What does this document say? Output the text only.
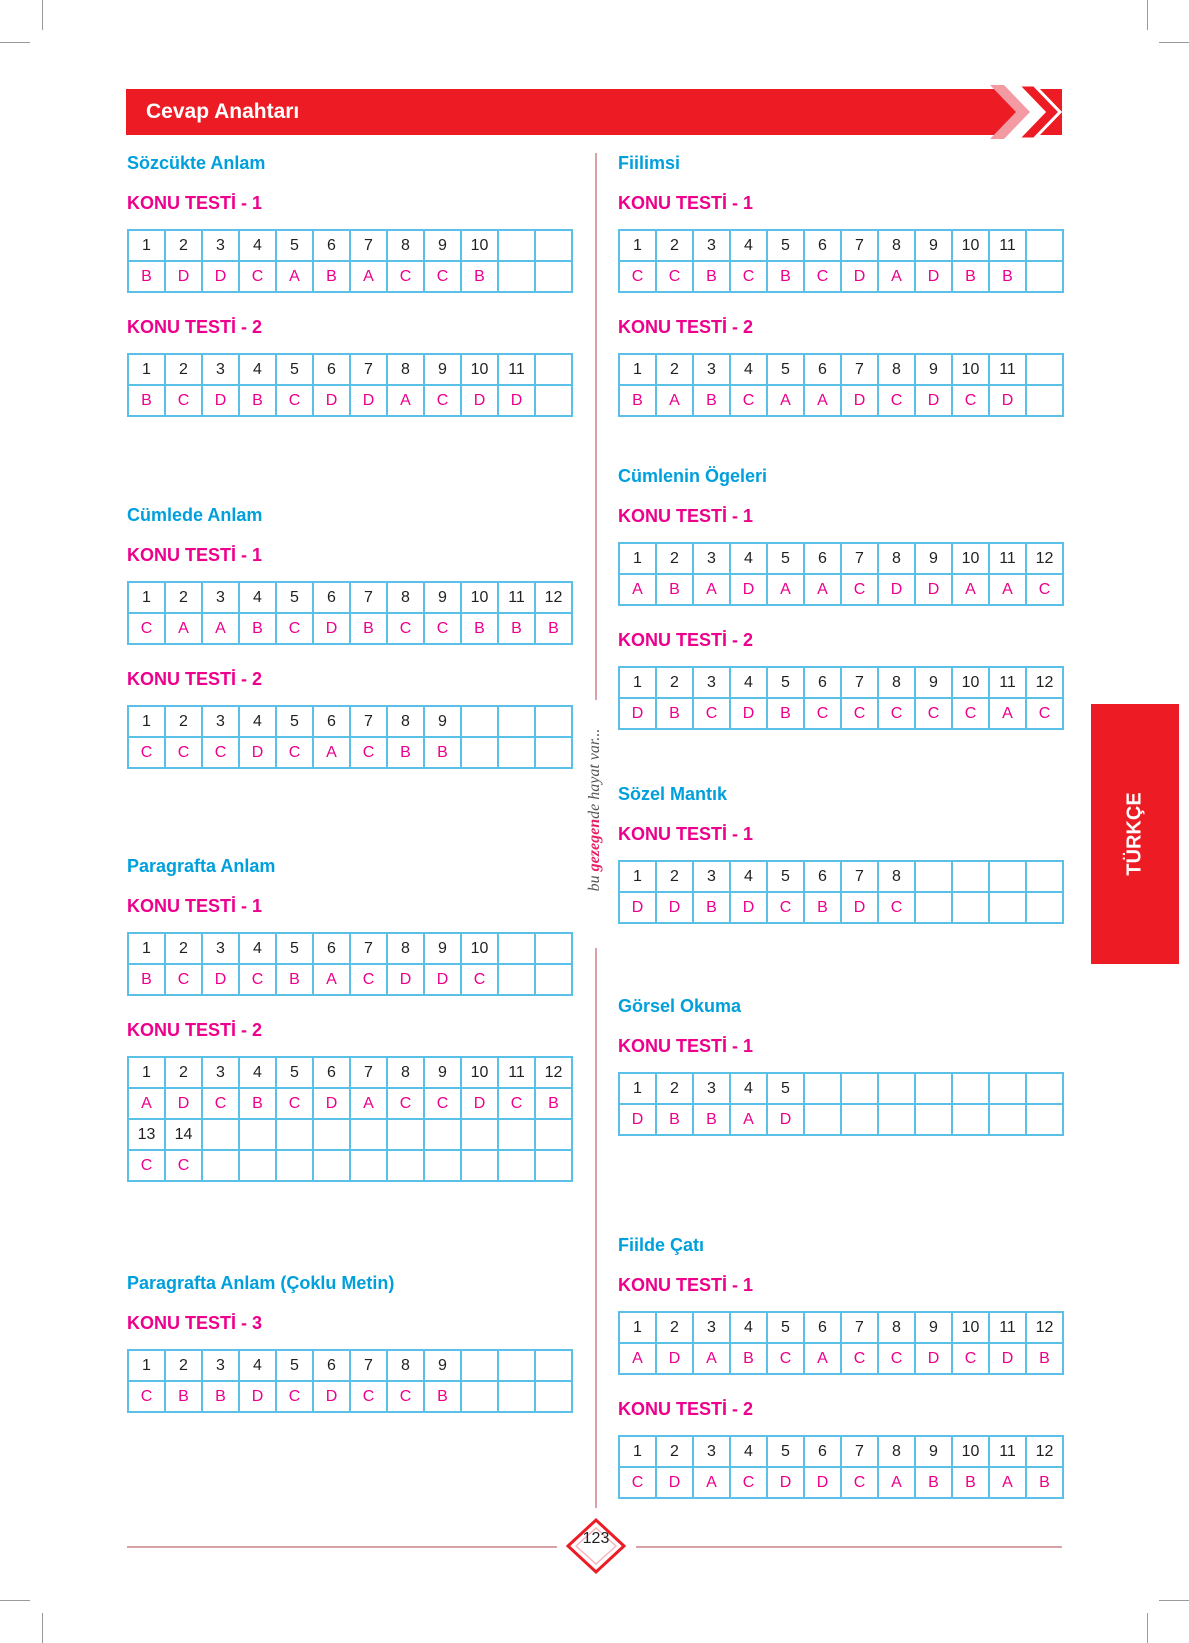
Cevap Anahtarı
bu gezegende hayat var...
Sözcükte Anlam
KONU TESTİ - 1
1	2	3	4	5	6	7	8	9	10
B	D	D	C	A	B	A	C	C	B
KONU TESTİ - 2
1	2	3	4	5	6	7	8	9	10	11
B	C	D	B	C	D	D	A	C	D	D
Cümlede Anlam
KONU TESTİ - 1
1	2	3	4	5	6	7	8	9	10	11	12
C	A	A	B	C	D	B	C	C	B	B	B
KONU TESTİ - 2
1	2	3	4	5	6	7	8	9
C	C	C	D	C	A	C	B	B
Paragrafta Anlam
KONU TESTİ - 1
1	2	3	4	5	6	7	8	9	10
B	C	D	C	B	A	C	D	D	C
KONU TESTİ - 2
1	2	3	4	5	6	7	8	9	10	11	12
A	D	C	B	C	D	A	C	C	D	C	B
13	14
C	C
Paragrafta Anlam (Çoklu Metin)
KONU TESTİ - 3
1	2	3	4	5	6	7	8	9
C	B	B	D	C	D	C	C	B
Fiilimsi
KONU TESTİ - 1
1	2	3	4	5	6	7	8	9	10	11
C	C	B	C	B	C	D	A	D	B	B
KONU TESTİ - 2
1	2	3	4	5	6	7	8	9	10	11
B	A	B	C	A	A	D	C	D	C	D
Cümlenin Ögeleri
KONU TESTİ - 1
1	2	3	4	5	6	7	8	9	10	11	12
A	B	A	D	A	A	C	D	D	A	A	C
KONU TESTİ - 2
1	2	3	4	5	6	7	8	9	10	11	12
D	B	C	D	B	C	C	C	C	C	A	C
Sözel Mantık
KONU TESTİ - 1
1	2	3	4	5	6	7	8
D	D	B	D	C	B	D	C
Görsel Okuma
KONU TESTİ - 1
1	2	3	4	5
D	B	B	A	D
Fiilde Çatı
KONU TESTİ - 1
1	2	3	4	5	6	7	8	9	10	11	12
A	D	A	B	C	A	C	C	D	C	D	B
KONU TESTİ - 2
1	2	3	4	5	6	7	8	9	10	11	12
C	D	A	C	D	D	C	A	B	B	A	B
TÜRKÇE
123
